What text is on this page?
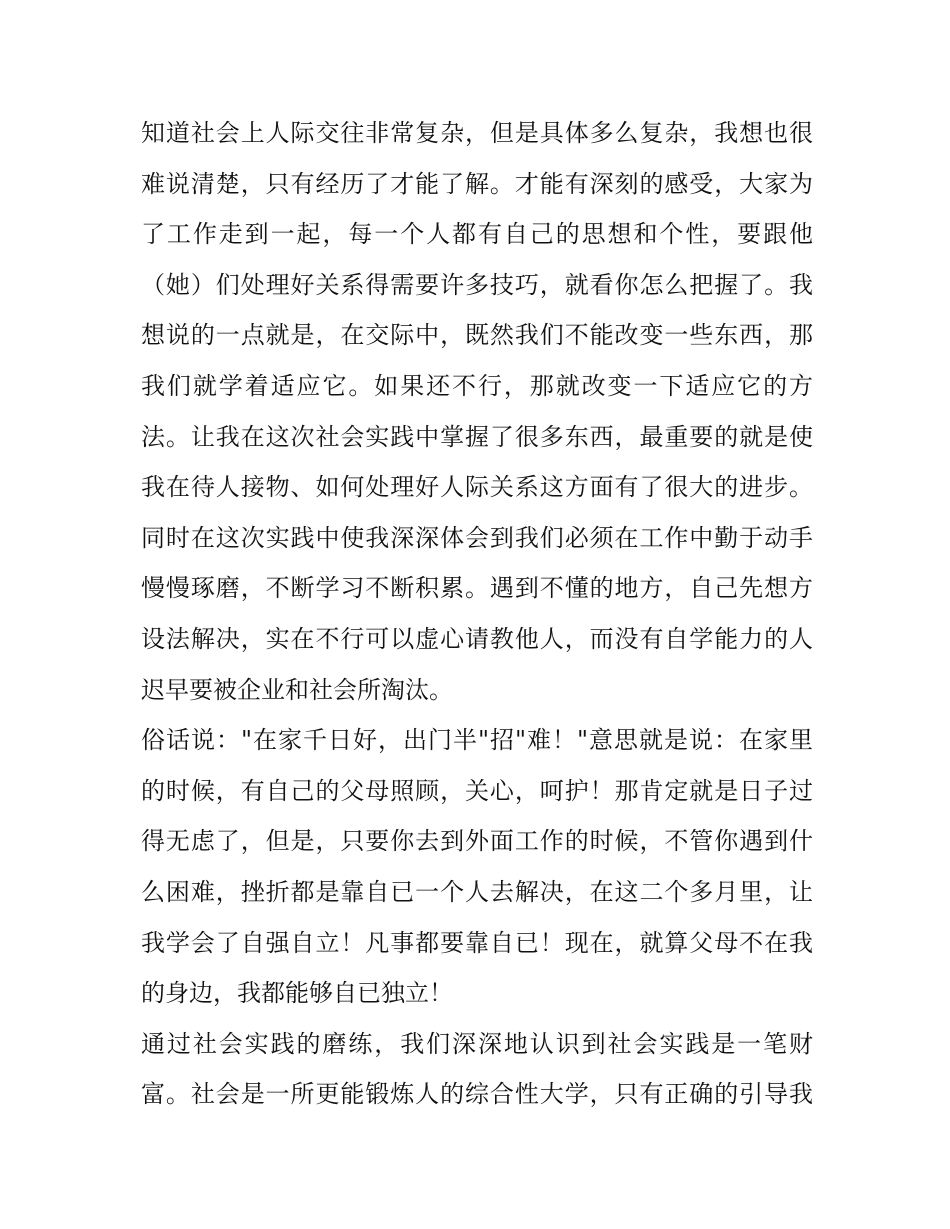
知道社会上人际交往非常复杂，但是具体多么复杂，我想也很
难说清楚，只有经历了才能了解。才能有深刻的感受，大家为
了工作走到一起，每一个人都有自己的思想和个性，要跟他
（她）们处理好关系得需要许多技巧，就看你怎么把握了。我
想说的一点就是，在交际中，既然我们不能改变一些东西，那
我们就学着适应它。如果还不行，那就改变一下适应它的方
法。让我在这次社会实践中掌握了很多东西，最重要的就是使
我在待人接物、如何处理好人际关系这方面有了很大的进步。
同时在这次实践中使我深深体会到我们必须在工作中勤于动手
慢慢琢磨，不断学习不断积累。遇到不懂的地方，自己先想方
设法解决，实在不行可以虚心请教他人，而没有自学能力的人
迟早要被企业和社会所淘汰。
俗话说："在家千日好，出门半"招"难！"意思就是说：在家里
的时候，有自己的父母照顾，关心，呵护！那肯定就是日子过
得无虑了，但是，只要你去到外面工作的时候，不管你遇到什
么困难，挫折都是靠自已一个人去解决，在这二个多月里，让
我学会了自强自立！凡事都要靠自已！现在，就算父母不在我
的身边，我都能够自已独立！
通过社会实践的磨练，我们深深地认识到社会实践是一笔财
富。社会是一所更能锻炼人的综合性大学，只有正确的引导我
